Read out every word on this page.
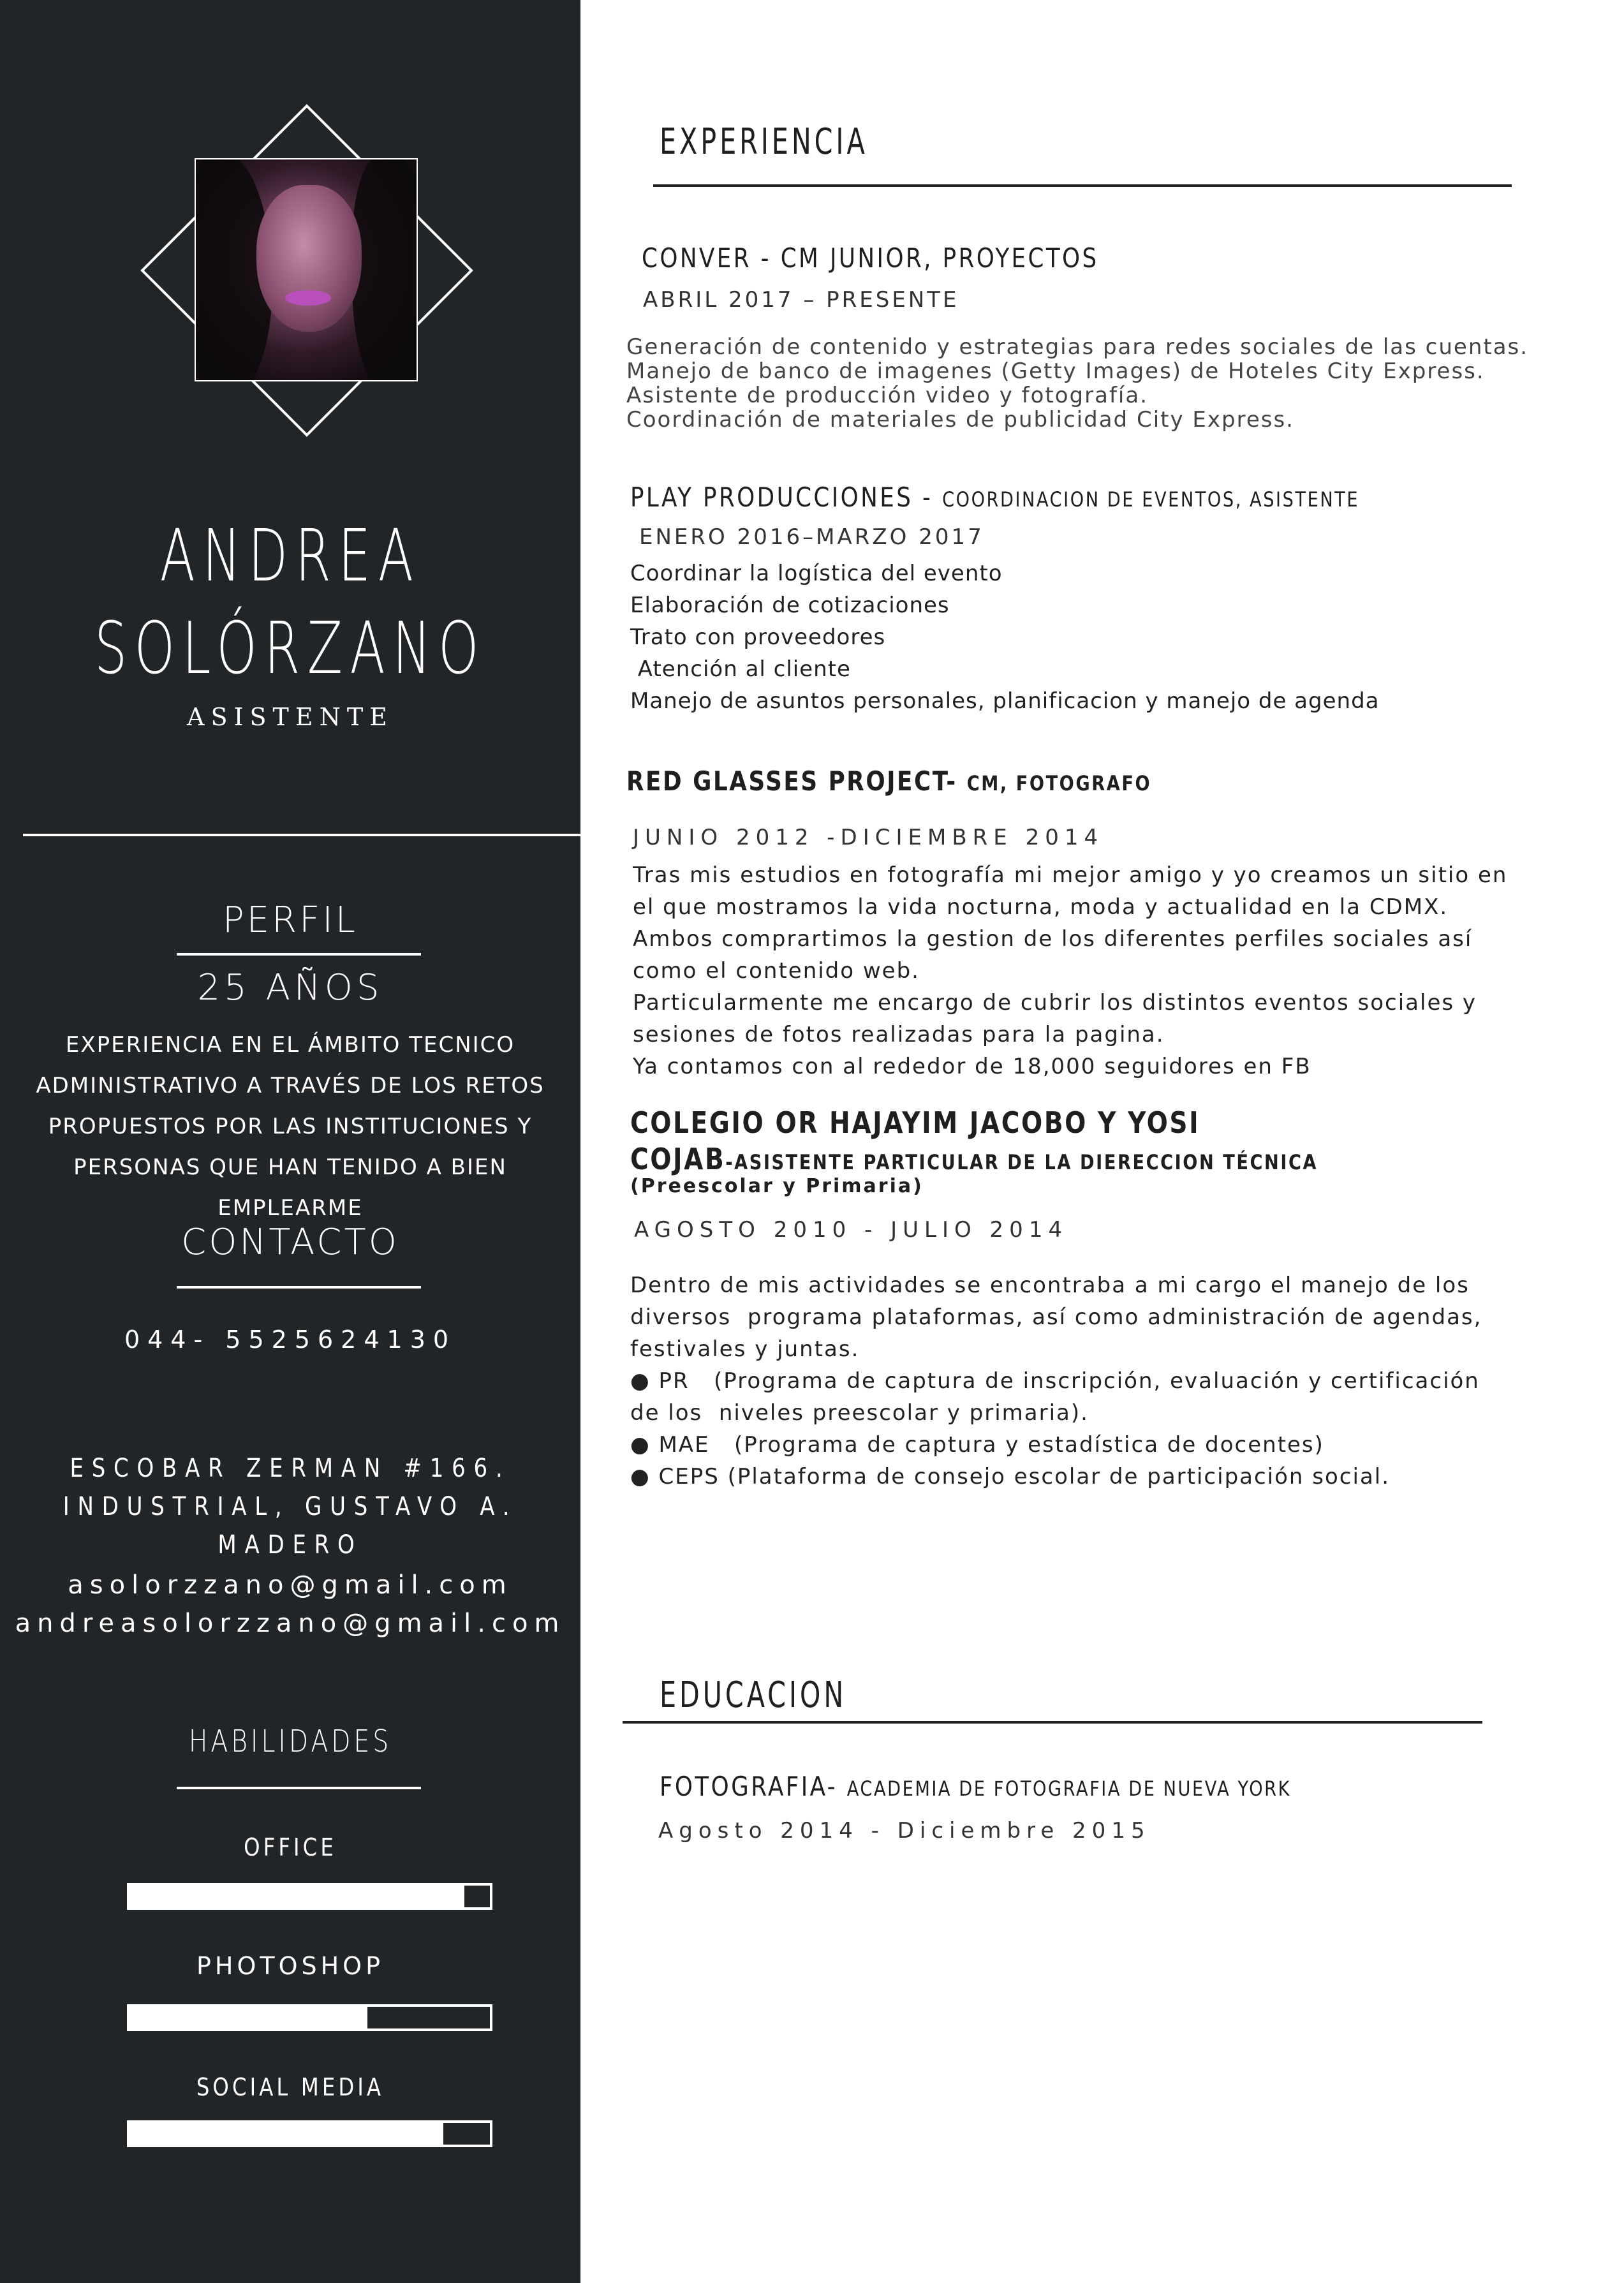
ANDREA
SOLÓRZANO
ASISTENTE
PERFIL
25 AÑOS
EXPERIENCIA EN EL ÁMBITO TECNICO
ADMINISTRATIVO A TRAVÉS DE LOS RETOS
PROPUESTOS POR LAS INSTITUCIONES Y
PERSONAS QUE HAN TENIDO A BIEN EMPLEARME
CONTACTO
044- 5525624130
ESCOBAR ZERMAN #166.
INDUSTRIAL, GUSTAVO A. MADERO
asolorzzano@gmail.com
andreasolorzzano@gmail.com
HABILIDADES
OFFICE
PHOTOSHOP
SOCIAL MEDIA
EXPERIENCIA
CONVER - CM JUNIOR, PROYECTOS
ABRIL 2017 – PRESENTE
Generación de contenido y estrategias para redes sociales de las cuentas.
Manejo de banco de imagenes (Getty Images) de Hoteles City Express.
Asistente de producción video y fotografía.
Coordinación de materiales de publicidad City Express.
PLAY PRODUCCIONES - COORDINACION DE EVENTOS, ASISTENTE
ENERO 2016–MARZO 2017
Coordinar la logística del evento
Elaboración de cotizaciones
Trato con proveedores
Atención al cliente
Manejo de asuntos personales, planificacion y manejo de agenda
RED GLASSES PROJECT- CM, FOTOGRAFO
JUNIO 2012 -DICIEMBRE 2014
Tras mis estudios en fotografía mi mejor amigo y yo creamos un sitio en
el que mostramos la vida nocturna, moda y actualidad en la CDMX.
Ambos comprartimos la gestion de los diferentes perfiles sociales así
como el contenido web.
Particularmente me encargo de cubrir los distintos eventos sociales y
sesiones de fotos realizadas para la pagina.
Ya contamos con al rededor de 18,000 seguidores en FB
COLEGIO OR HAJAYIM JACOBO Y YOSI
COJAB-ASISTENTE PARTICULAR DE LA DIERECCION TÉCNICA
(Preescolar y Primaria)
AGOSTO 2010 - JULIO 2014
Dentro de mis actividades se encontraba a mi cargo el manejo de los
diversos  programa plataformas, así como administración de agendas,
festivales y juntas.
● PR   (Programa de captura de inscripción, evaluación y certificación
de los  niveles preescolar y primaria).
● MAE   (Programa de captura y estadística de docentes)
● CEPS (Plataforma de consejo escolar de participación social.
EDUCACION
FOTOGRAFIA- ACADEMIA DE FOTOGRAFIA DE NUEVA YORK
Agosto 2014 - Diciembre 2015
